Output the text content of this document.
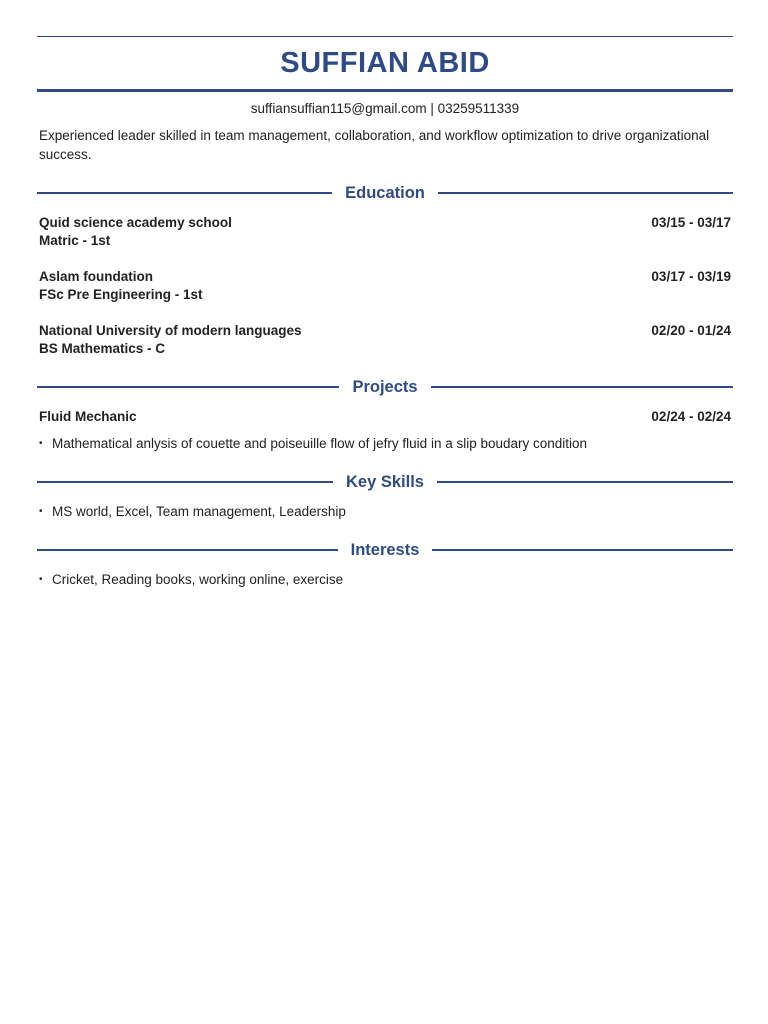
SUFFIAN ABID
suffiansuffian115@gmail.com | 03259511339
Experienced leader skilled in team management, collaboration, and workflow optimization to drive organizational success.
Education
Quid science academy school	03/15 - 03/17
Matric - 1st
Aslam foundation	03/17 - 03/19
FSc Pre Engineering - 1st
National University of modern languages	02/20 - 01/24
BS Mathematics - C
Projects
Fluid Mechanic	02/24 - 02/24
• Mathematical anlysis of couette and poiseuille flow of jefry fluid in a slip boudary condition
Key Skills
• MS world, Excel, Team management, Leadership
Interests
• Cricket, Reading books, working online, exercise
